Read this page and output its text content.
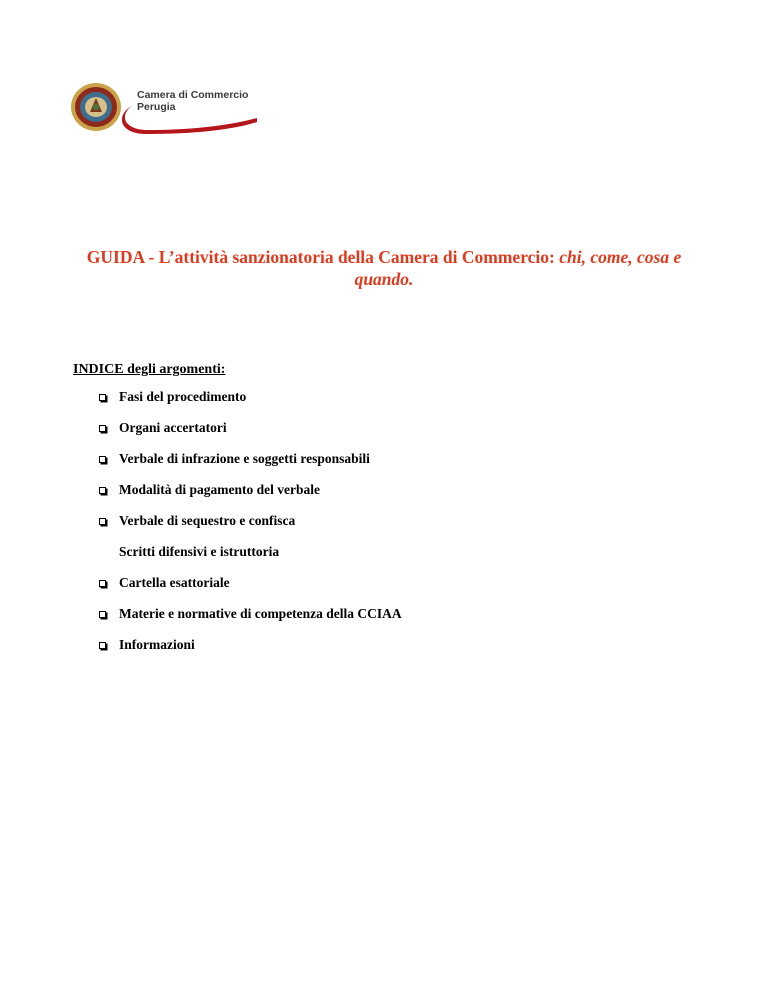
Camera di Commercio
Perugia
GUIDA - L’attività sanzionatoria della Camera di Commercio: chi, come, cosa e quando.
INDICE degli argomenti:
Fasi del procedimento
Organi accertatori
Verbale di infrazione e soggetti responsabili
Modalità di pagamento del verbale
Verbale di sequestro e confisca
Scritti difensivi e istruttoria
Cartella esattoriale
Materie e normative di competenza della CCIAA
Informazioni
